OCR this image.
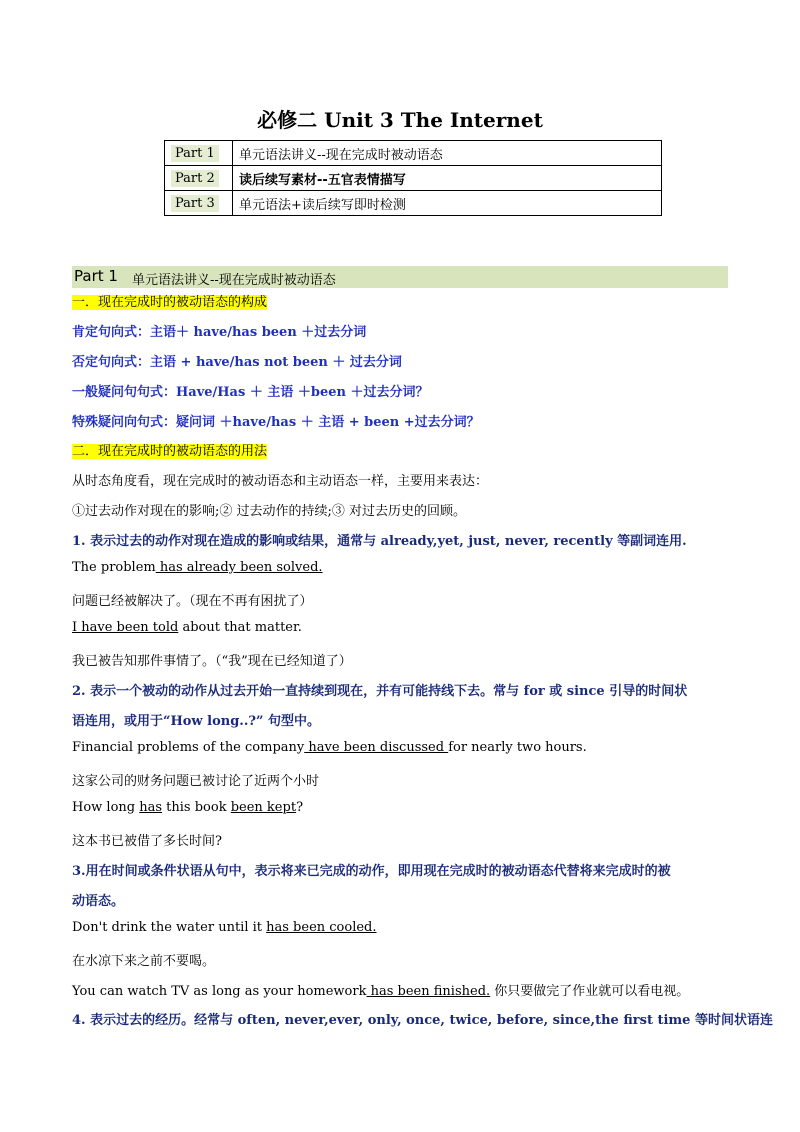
必修二 Unit 3 The Internet
Part 1	单元语法讲义--现在完成时被动语态
Part 2	读后续写素材--五官表情描写
Part 3	单元语法+读后续写即时检测
Part 1 单元语法讲义--现在完成时被动语态
一．现在完成时的被动语态的构成
肯定句向式：主语＋ have/has been ＋过去分词
否定句向式：主语 + have/has not been ＋ 过去分词
一般疑问句句式：Have/Has ＋ 主语 ＋been ＋过去分词？
特殊疑问向句式：疑问词 ＋have/has ＋ 主语 + been +过去分词？
二．现在完成时的被动语态的用法
从时态角度看，现在完成时的被动语态和主动语态一样，主要用来表达：
①过去动作对现在的影响;② 过去动作的持续;③ 对过去历史的回顾。
1. 表示过去的动作对现在造成的影响或结果，通常与 already,yet, just, never, recently 等副词连用.
The problem has already been solved.
问题已经被解决了。（现在不再有困扰了）
I have been told about that matter.
我已被告知那件事情了。（“我”现在已经知道了）
2. 表示一个被动的动作从过去开始一直持续到现在，并有可能持线下去。常与 for 或 since 引导的时间状
语连用，或用于“How long..?” 句型中。
Financial problems of the company have been discussed for nearly two hours.
这家公司的财务问题已被讨论了近两个小时
How long has this book been kept?
这本书已被借了多长时间?
3.用在时间或条件状语从句中，表示将来已完成的动作，即用现在完成时的被动语态代替将来完成时的被
动语态。
Don't drink the water until it has been cooled.
在水凉下来之前不要喝。
You can watch TV as long as your homework has been finished. 你只要做完了作业就可以看电视。
4. 表示过去的经历。经常与 often, never,ever, only, once, twice, before, since,the first time 等时间状语连
